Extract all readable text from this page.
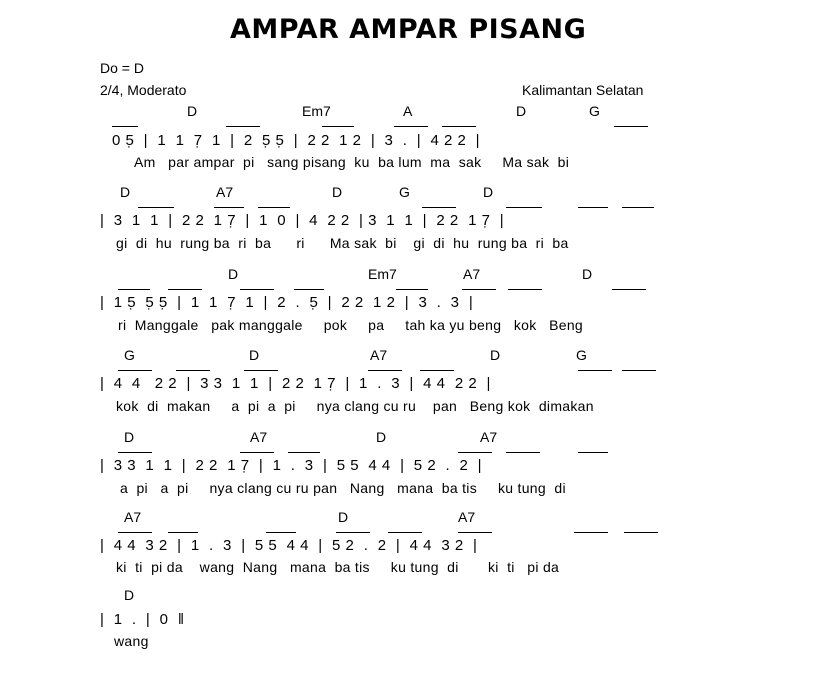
AMPAR AMPAR PISANG
Do = D
2/4, Moderato	Kalimantan Selatan
D	Em7	A	D	G
0 5̣  |  1  1  7̣  1  |  2  5̣ 5̣  |  2 2  1 2  |  3  .  |  4 2 2  |
Am   par ampar  pi   sang pisang  ku  ba lum  ma  sak     Ma sak  bi
D	A7	D	G	D
|  3  1  1  |  2 2  1 7̣  |  1  0  |  4  2 2  | 3  1  1  |  2 2  1 7̣  |
gi  di  hu  rung ba  ri  ba      ri      Ma sak  bi    gi  di  hu  rung ba  ri  ba
D	Em7	A7	D
|  1 5̣  5̣ 5̣  |  1  1  7̣  1  |  2  .  5̣  |  2 2  1 2  |  3  .  3  |
ri  Manggale   pak manggale     pok     pa     tah ka yu beng   kok   Beng
G	D	A7	D	G
|  4  4   2 2  |  3 3  1  1  |  2 2  1 7̣  |  1  .  3  |  4 4  2 2  |
kok  di  makan     a  pi  a  pi     nya clang cu ru    pan   Beng kok  dimakan
D	A7	D	A7
|  3 3  1  1  |  2 2  1 7̣  |  1  .  3  |  5 5  4 4  |  5 2  .  2  |
a  pi   a  pi     nya clang cu ru pan   Nang   mana  ba tis     ku tung  di
A7	D	A7
|  4 4  3 2  |  1  .  3  |  5 5  4 4  |  5 2  .  2  |  4 4  3 2  |
ki  ti  pi da    wang  Nang   mana  ba tis     ku tung  di       ki  ti   pi da
D
|  1  .  |  0  ‖
wang
